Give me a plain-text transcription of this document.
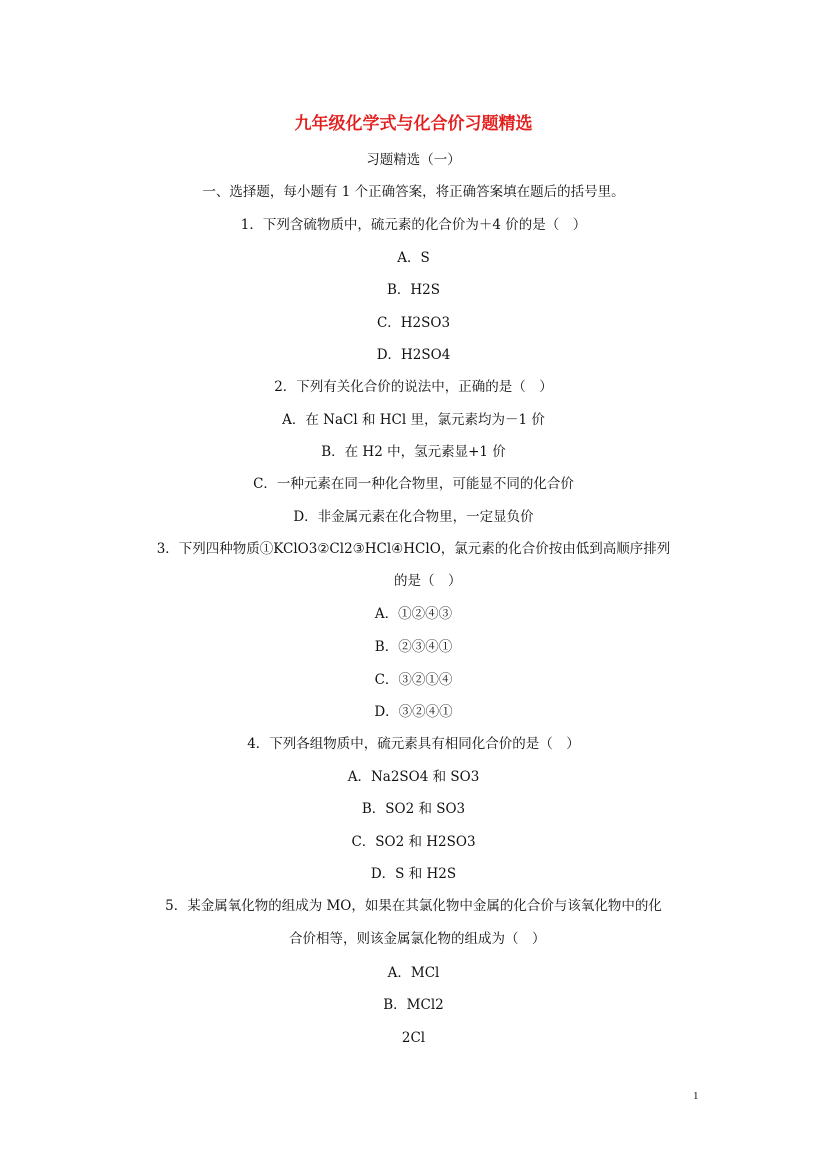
九年级化学式与化合价习题精选
习题精选（一）
一、选择题，每小题有 1 个正确答案，将正确答案填在题后的括号里。
1．下列含硫物质中，硫元素的化合价为＋4 价的是（　）
A．S
B．H2S
C．H2SO3
D．H2SO4
2．下列有关化合价的说法中，正确的是（　）
A．在 NaCl 和 HCl 里，氯元素均为－1 价
B．在 H2 中，氢元素显+1 价
C．一种元素在同一种化合物里，可能显不同的化合价
D．非金属元素在化合物里，一定显负价
3．下列四种物质①KClO3②Cl2③HCl④HClO，氯元素的化合价按由低到高顺序排列
的是（　）
A．①②④③
B．②③④①
C．③②①④
D．③②④①
4．下列各组物质中，硫元素具有相同化合价的是（　）
A．Na2SO4 和 SO3
B．SO2 和 SO3
C．SO2 和 H2SO3
D．S 和 H2S
5．某金属氧化物的组成为 MO，如果在其氯化物中金属的化合价与该氧化物中的化
合价相等，则该金属氯化物的组成为（　）
A．MCl
B．MCl2
2Cl
1
